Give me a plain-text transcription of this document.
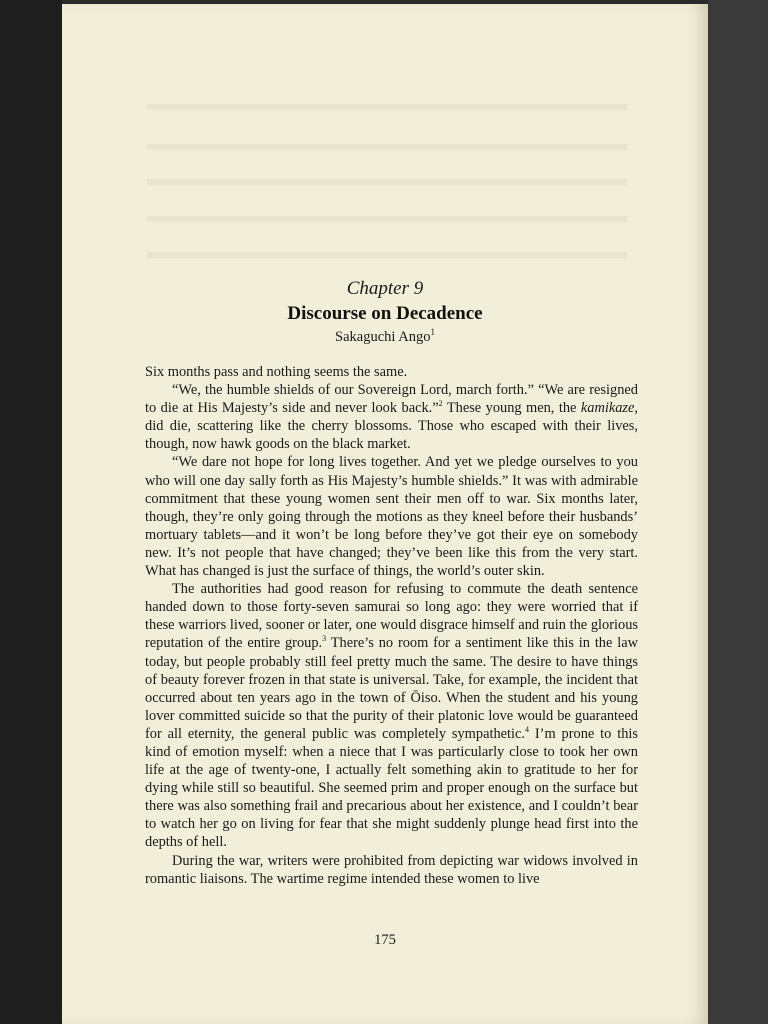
Chapter 9
Discourse on Decadence
Sakaguchi Ango$^1$

Six months pass and nothing seems the same.

“We, the humble shields of our Sovereign Lord, march forth.” “We are resigned to die at His Majesty’s side and never look back.”$^2$ These young men, the kamikaze, did die, scattering like the cherry blossoms. Those who escaped with their lives, though, now hawk goods on the black market.

“We dare not hope for long lives together. And yet we pledge ourselves to you who will one day sally forth as His Majesty’s humble shields.” It was with admirable commitment that these young women sent their men off to war. Six months later, though, they’re only going through the motions as they kneel before their husbands’ mortuary tablets—and it won’t be long before they’ve got their eye on somebody new. It’s not people that have changed; they’ve been like this from the very start. What has changed is just the surface of things, the world’s outer skin.

The authorities had good reason for refusing to commute the death sentence handed down to those forty-seven samurai so long ago: they were worried that if these warriors lived, sooner or later, one would disgrace himself and ruin the glorious reputation of the entire group.$^3$ There’s no room for a sentiment like this in the law today, but people probably still feel pretty much the same. The desire to have things of beauty forever frozen in that state is universal. Take, for example, the incident that occurred about ten years ago in the town of Ōiso. When the student and his young lover committed suicide so that the purity of their platonic love would be guaranteed for all eternity, the general public was completely sympathetic.$^4$ I’m prone to this kind of emotion myself: when a niece that I was particularly close to took her own life at the age of twenty-one, I actually felt something akin to gratitude to her for dying while still so beautiful. She seemed prim and proper enough on the surface but there was also something frail and precarious about her existence, and I couldn’t bear to watch her go on living for fear that she might suddenly plunge head first into the depths of hell.

During the war, writers were prohibited from depicting war widows involved in romantic liaisons. The wartime regime intended these women to live

175
